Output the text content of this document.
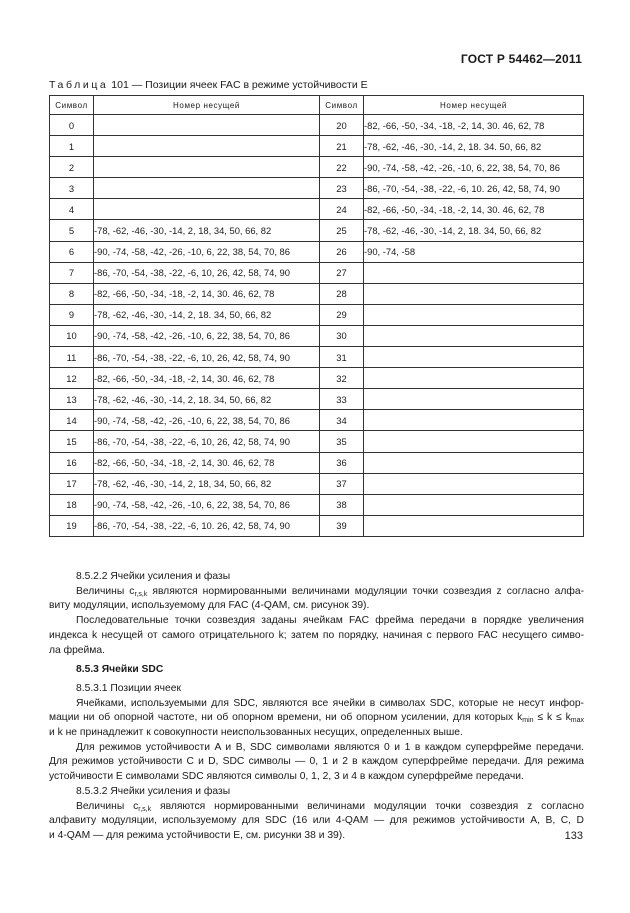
ГОСТ Р 54462—2011
Таблица 101 — Позиции ячеек FAC в режиме устойчивости E
Символ	Номер несущей	Символ	Номер несущей
0		20	-82, -66, -50, -34, -18, -2, 14, 30. 46, 62, 78
1		21	-78, -62, -46, -30, -14, 2, 18. 34. 50, 66, 82
2		22	-90, -74, -58, -42, -26, -10, 6, 22, 38, 54, 70, 86
3		23	-86, -70, -54, -38, -22, -6, 10. 26, 42, 58, 74, 90
4		24	-82, -66, -50, -34, -18, -2, 14, 30. 46, 62, 78
5	-78, -62, -46, -30, -14, 2, 18, 34, 50, 66, 82	25	-78, -62, -46, -30, -14, 2, 18. 34, 50, 66, 82
6	-90, -74, -58, -42, -26, -10, 6, 22, 38, 54, 70, 86	26	-90, -74, -58
7	-86, -70, -54, -38, -22, -6, 10, 26, 42, 58, 74, 90	27	
8	-82, -66, -50, -34, -18, -2, 14, 30. 46, 62, 78	28	
9	-78, -62, -46, -30, -14, 2, 18. 34, 50, 66, 82	29	
10	-90, -74, -58, -42, -26, -10, 6, 22, 38, 54, 70, 86	30	
11	-86, -70, -54, -38, -22, -6, 10, 26, 42, 58, 74, 90	31	
12	-82, -66, -50, -34, -18, -2, 14, 30. 46, 62, 78	32	
13	-78, -62, -46, -30, -14, 2, 18. 34, 50, 66, 82	33	
14	-90, -74, -58, -42, -26, -10, 6, 22, 38, 54, 70, 86	34	
15	-86, -70, -54, -38, -22, -6, 10, 26, 42, 58, 74, 90	35	
16	-82, -66, -50, -34, -18, -2, 14, 30. 46, 62, 78	36	
17	-78, -62, -46, -30, -14, 2, 18, 34, 50, 66, 82	37	
18	-90, -74, -58, -42, -26, -10, 6, 22, 38, 54, 70, 86	38	
19	-86, -70, -54, -38, -22, -6, 10. 26, 42, 58, 74, 90	39	

8.5.2.2 Ячейки усиления и фазы

Величины $c_{r,s,k}$ являются нормированными величинами модуляции точки созвездия z согласно алфа-

виту модуляции, используемому для FAC (4-QAM, см. рисунок 39).

Последовательные точки созвездия заданы ячейкам FAC фрейма передачи в порядке увеличения

индекса k несущей от самого отрицательного k; затем по порядку, начиная с первого FAC несущего симво-

ла фрейма.

8.5.3 Ячейки SDC

8.5.3.1 Позиции ячеек

Ячейками, используемыми для SDC, являются все ячейки в символах SDC, которые не несут инфор-

мации ни об опорной частоте, ни об опорном времени, ни об опорном усилении, для которых $k_{min} \le k \le k_{max}$

и k не принадлежит к совокупности неиспользованных несущих, определенных выше.

Для режимов устойчивости A и B, SDC символами являются 0 и 1 в каждом суперфрейме передачи.

Для режимов устойчивости C и D, SDC символы — 0, 1 и 2 в каждом суперфрейме передачи. Для режима

устойчивости E символами SDC являются символы 0, 1, 2, 3 и 4 в каждом суперфрейме передачи.

8.5.3.2 Ячейки усиления и фазы

Величины $c_{r,s,k}$ являются нормированными величинами модуляции точки созвездия z согласно

алфавиту модуляции, используемому для SDC (16 или 4-QAM — для режимов устойчивости A, B, C, D

и 4-QAM — для режима устойчивости E, см. рисунки 38 и 39).	133
